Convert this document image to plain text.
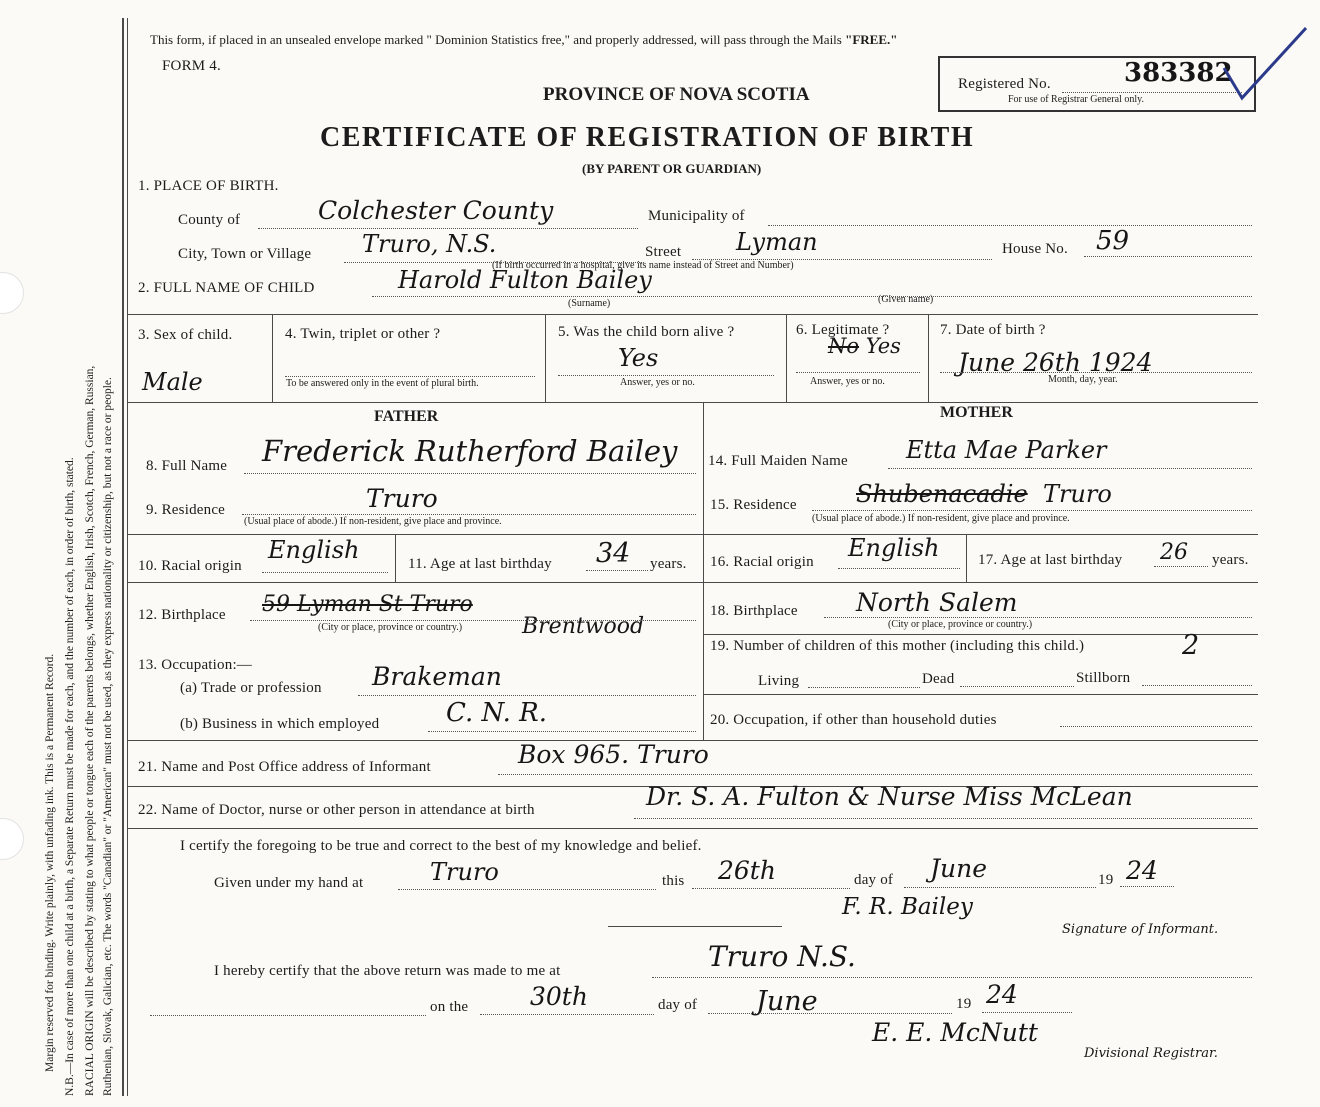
Margin reserved for binding. Write plainly, with unfading ink. This is a Permanent Record. N.B.—In case of more than one child at a birth, a Separate Return must be made for each, and the number of each, in order of birth, stated. RACIAL ORIGIN will be described by stating to what people or tongue each of the parents belongs, whether English, Irish, Scotch, French, German, Russian, Ruthenian, Slovak, Galician, etc. The words "Canadian" or "American" must not be used, as they express nationality or citizenship, but not a race or people.
This form, if placed in an unsealed envelope marked " Dominion Statistics free," and properly addressed, will pass through the Mails "FREE."
FORM 4.
PROVINCE OF NOVA SCOTIA
CERTIFICATE OF REGISTRATION OF BIRTH
(BY PARENT OR GUARDIAN)
Registered No.	383382
For use of Registrar General only.
1. PLACE OF BIRTH.
County of	Colchester County	Municipality of
City, Town or Village Truro, N.S.	Street Lyman
(If birth occurred in a hospital, give its name instead of Street and Number)
House No. 59
2. FULL NAME OF CHILD	Harold Fulton Bailey
(Surname)	(Given name)
3. Sex of child.
Male
4. Twin, triplet or other ?
To be answered only in the event of plural birth.
5. Was the child born alive ?
Yes
Answer, yes or no.
6. Legitimate ?
No Yes
Answer, yes or no.
7. Date of birth ?
June 26th 1924
Month, day, year.
FATHER	MOTHER
8. Full Name Frederick Rutherford Bailey 14. Full Maiden Name Etta Mae Parker
9. Residence	Truro
(Usual place of abode.) If non-resident, give place and province.
15. Residence Shubenacadie Truro
(Usual place of abode.) If non-resident, give place and province.
10. Racial origin
English	11. Age at last birthday 34 years. 16. Racial origin English	17. Age at last birthday 26 years.
12. Birthplace 59 Lyman St Truro
Brentwood
(City or place, province or country.)
18. Birthplace North Salem
(City or place, province or country.)
13. Occupation:—
(a) Trade or profession Brakeman
(b) Business in which employed	C. N. R.
19. Number of children of this mother (including this child.)	2
Living	Dead	Stillborn
20. Occupation, if other than household duties
21. Name and Post Office address of Informant	Box 965. Truro
22. Name of Doctor, nurse or other person in attendance at birth	Dr. S. A. Fulton & Nurse Miss McLean
I certify the foregoing to be true and correct to the best of my knowledge and belief.
Given under my hand at	Truro	this 26th	day of June	19 24
F. R. Bailey
Signature of Informant.
I hereby certify that the above return was made to me at	Truro N.S.
on the 30th	day of June	19 24
E. E. McNutt
Divisional Registrar.
